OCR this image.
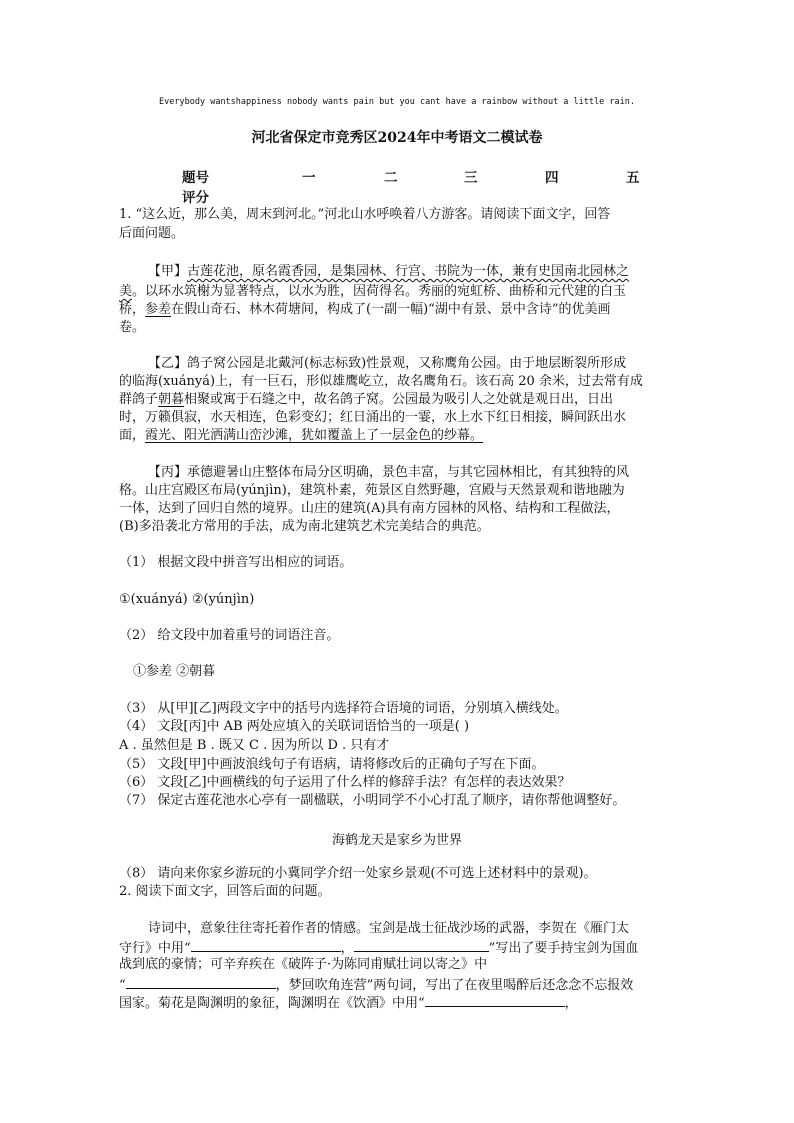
Everybody wantshappiness nobody wants pain but you cant have a rainbow without a little rain.
河北省保定市竞秀区2024年中考语文二模试卷
题号	一	二	三	四	五
评分
1. “这么近，那么美，周末到河北。”河北山水呼唤着八方游客。请阅读下面文字，回答
后面问题。
【甲】古莲花池，原名霞香园，是集园林、行宫、书院为一体，兼有史国南北园林之
美。以环水筑榭为显著特点，以水为胜，因荷得名。秀丽的宛虹桥、曲桥和元代建的白玉
桥，参差在假山奇石、林木荷塘间，构成了(一副一幅)“湖中有景、景中含诗”的优美画
卷。
【乙】鸽子窝公园是北戴河(标志标致)性景观，又称鹰角公园。由于地层断裂所形成
的临海(xuányá)上，有一巨石，形似雄鹰屹立，故名鹰角石。该石高 20 余米，过去常有成
群鸽子朝暮相聚或寓于石缝之中，故名鸽子窝。公园最为吸引人之处就是观日出，日出
时，万籁俱寂，水天相连，色彩变幻；红日涌出的一霎，水上水下红日相接，瞬间跃出水
面，霞光、阳光洒满山峦沙滩，犹如覆盖上了一层金色的纱幕。
【丙】承德避暑山庄整体布局分区明确，景色丰富，与其它园林相比，有其独特的风
格。山庄宫殿区布局(yúnjìn)，建筑朴素，苑景区自然野趣，宫殿与天然景观和谐地融为
一体，达到了回归自然的境界。山庄的建筑(A)具有南方园林的风格、结构和工程做法，
(B)多沿袭北方常用的手法，成为南北建筑艺术完美结合的典范。
（1） 根据文段中拼音写出相应的词语。
①(xuányá) ②(yúnjìn)
（2） 给文段中加着重号的词语注音。
①参差 ②朝暮
（3） 从[甲][乙]两段文字中的括号内选择符合语境的词语，分别填入横线处。
（4） 文段[丙]中 AB 两处应填入的关联词语恰当的一项是( )
A . 虽然但是 B . 既又 C . 因为所以 D . 只有才
（5） 文段[甲]中画波浪线句子有语病，请将修改后的正确句子写在下面。
（6） 文段[乙]中画横线的句子运用了什么样的修辞手法？有怎样的表达效果？
（7） 保定古莲花池水心亭有一副楹联，小明同学不小心打乱了顺序，请你帮他调整好。
海鹤龙天是家乡为世界
（8） 请向来你家乡游玩的小冀同学介绍一处家乡景观(不可选上述材料中的景观)。
2. 阅读下面文字，回答后面的问题。
诗词中，意象往往寄托着作者的情感。宝剑是战士征战沙场的武器，李贺在《雁门太
守行》中用“	，	”写出了要手持宝剑为国血
战到底的豪情；可辛弃疾在《破阵子·为陈同甫赋壮词以寄之》中
“	，梦回吹角连营”两句词，写出了在夜里喝醉后还念念不忘报效
国家。菊花是陶渊明的象征，陶渊明在《饮酒》中用“	，
